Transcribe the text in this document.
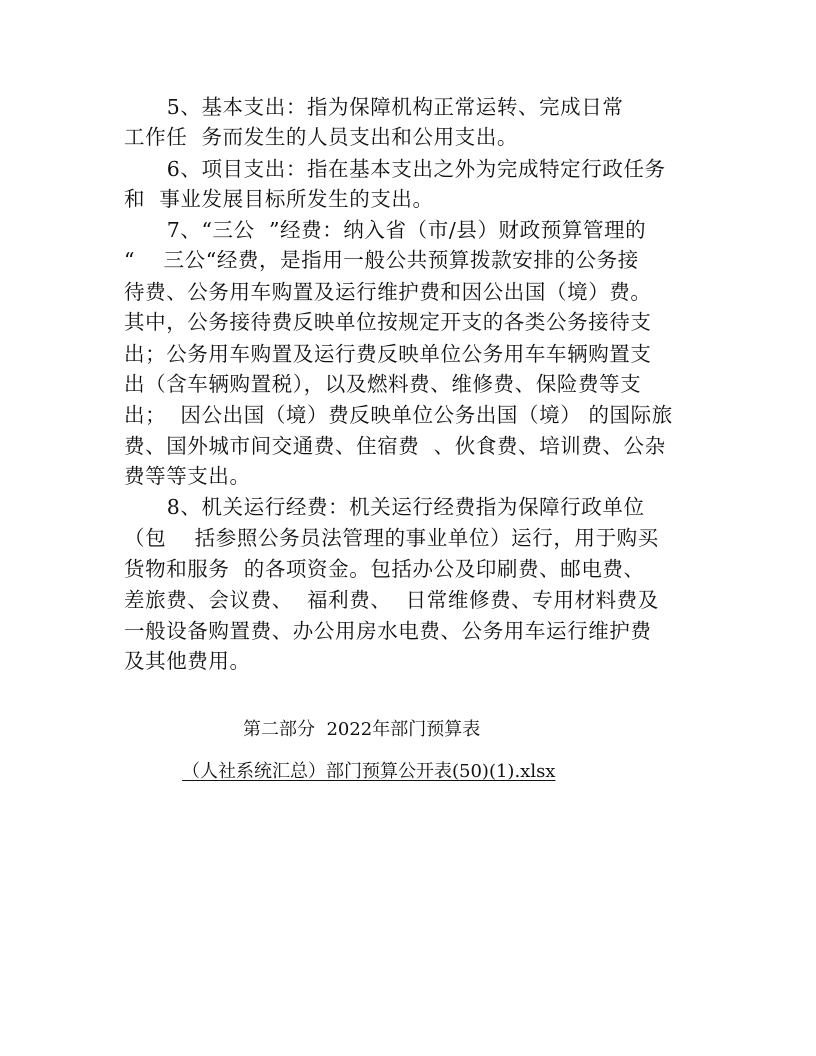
5、基本支出：指为保障机构正常运转、完成日常
工作任  务而发生的人员支出和公用支出。
6、项目支出：指在基本支出之外为完成特定行政任务
和  事业发展目标所发生的支出。
7、“三公  ”经费：纳入省（市/县）财政预算管理的
“    三公“经费，是指用一般公共预算拨款安排的公务接
待费、公务用车购置及运行维护费和因公出国（境）费。
其中，公务接待费反映单位按规定开支的各类公务接待支
出；公务用车购置及运行费反映单位公务用车车辆购置支
出（含车辆购置税），以及燃料费、维修费、保险费等支
出；  因公出国（境）费反映单位公务出国（境） 的国际旅
费、国外城市间交通费、住宿费  、伙食费、培训费、公杂
费等等支出。
8、机关运行经费：机关运行经费指为保障行政单位
（包    括参照公务员法管理的事业单位）运行，用于购买
货物和服务  的各项资金。包括办公及印刷费、邮电费、
差旅费、会议费、  福利费、  日常维修费、专用材料费及
一般设备购置费、办公用房水电费、公务用车运行维护费
及其他费用。
第二部分  2022年部门预算表
（人社系统汇总）部门预算公开表(50)(1).xlsx
